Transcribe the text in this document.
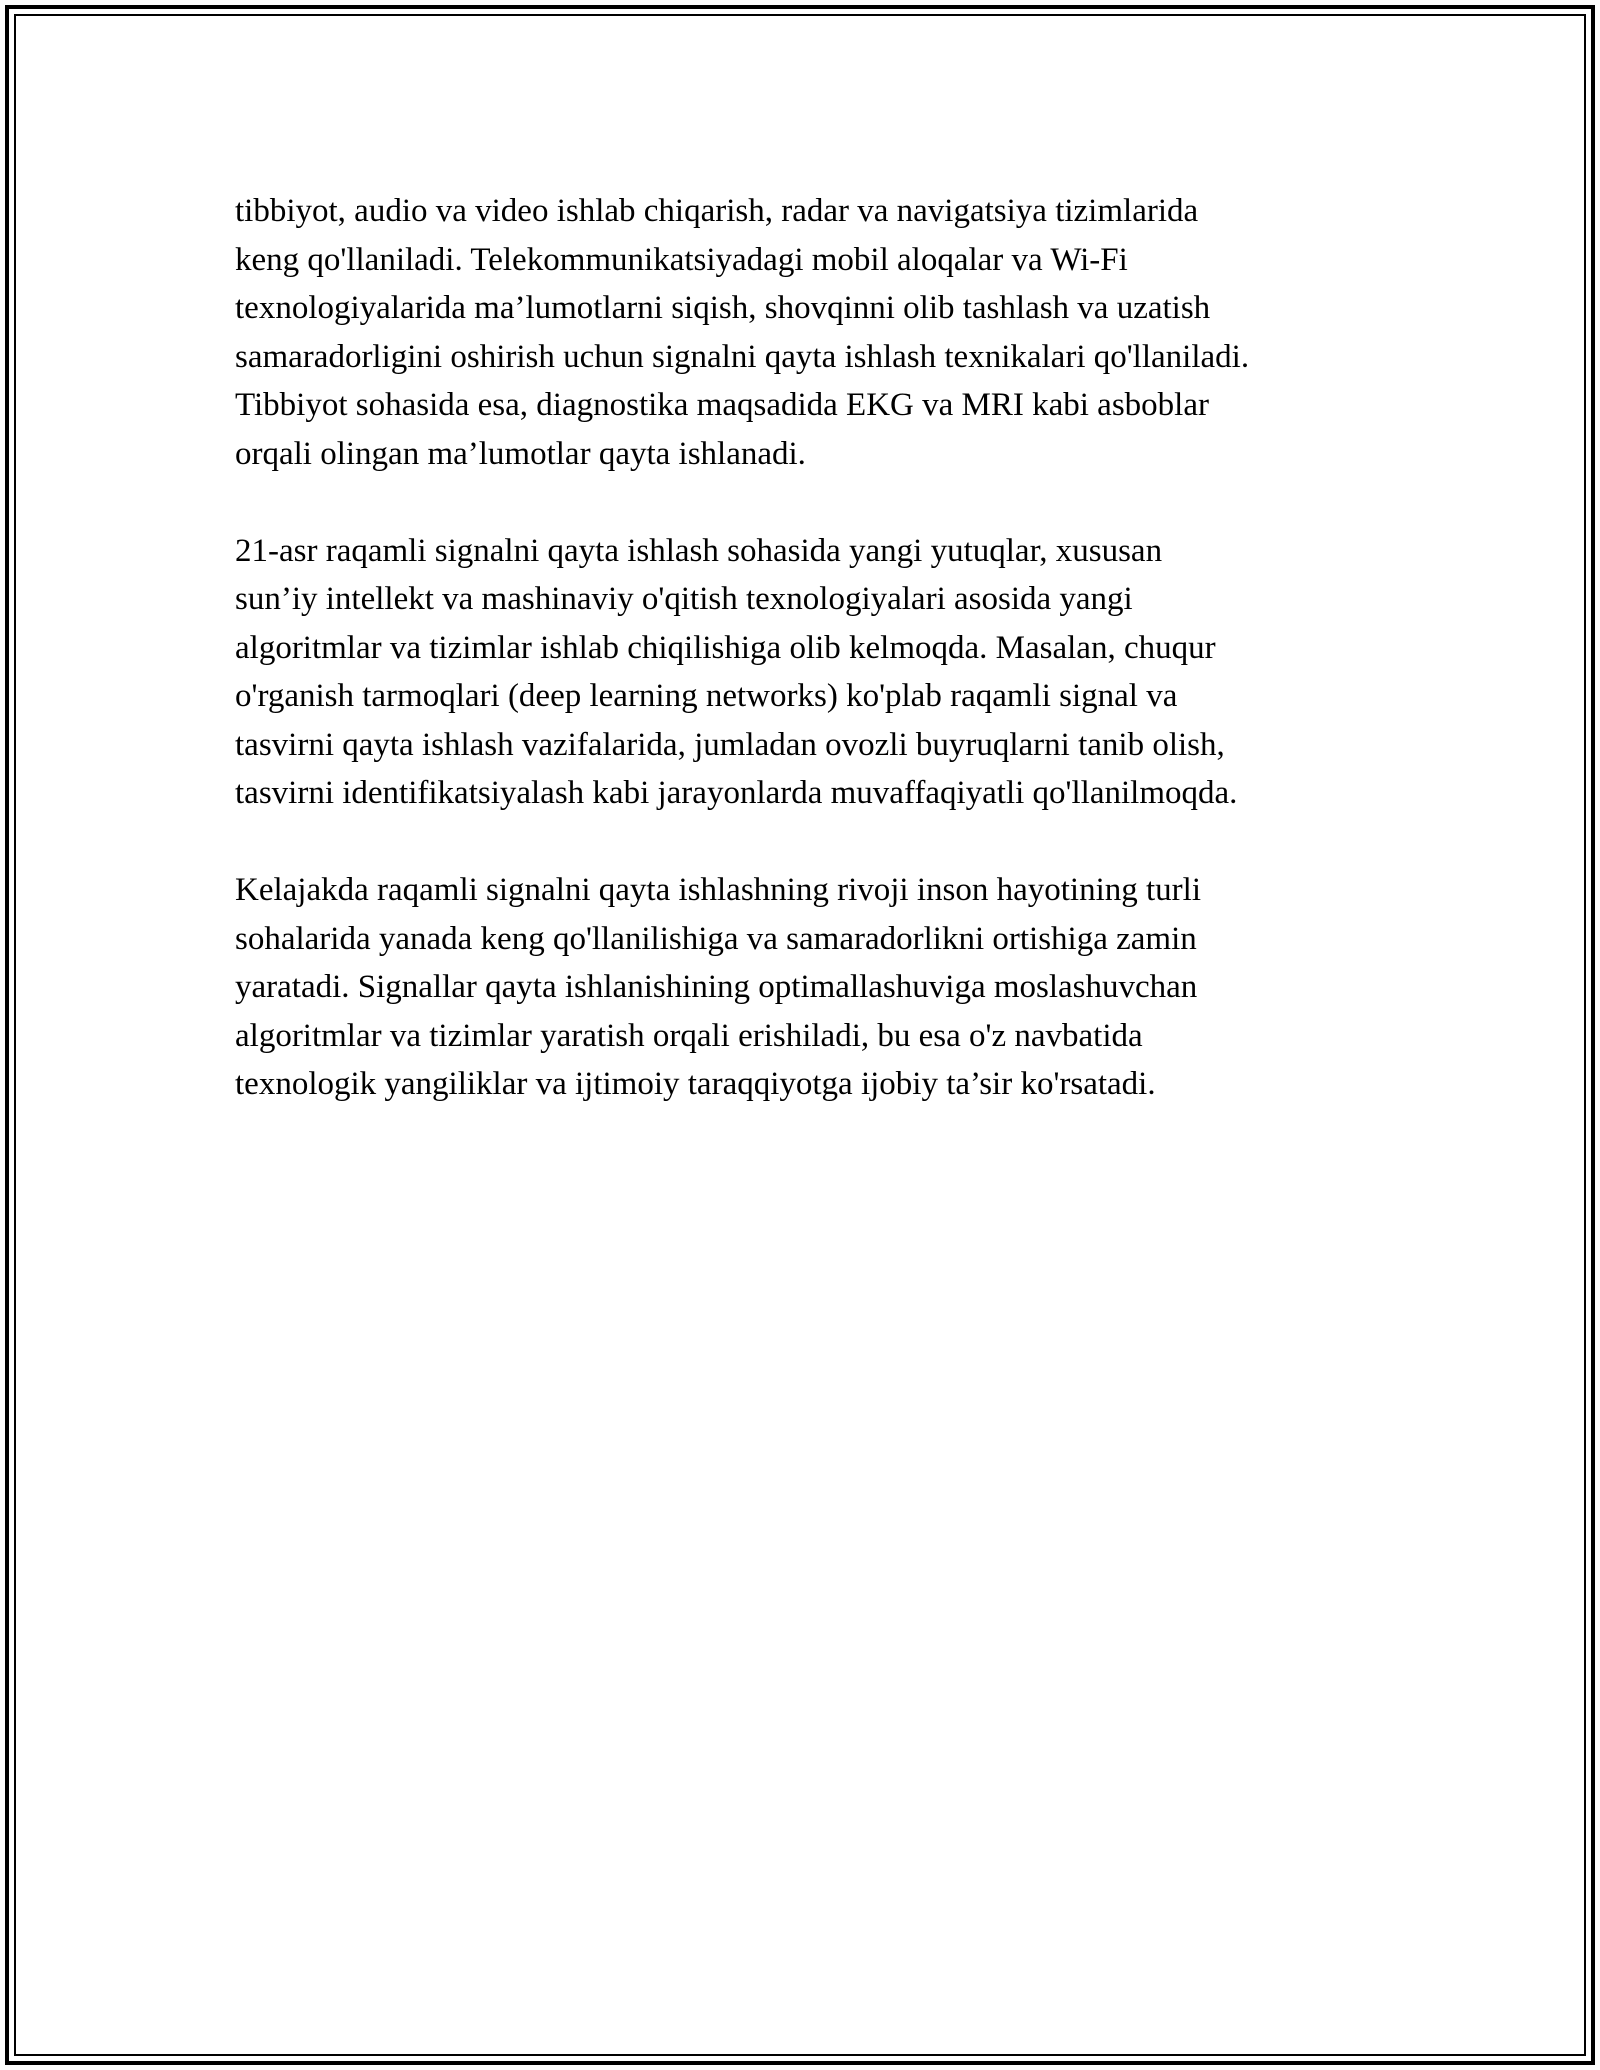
tibbiyot, audio va video ishlab chiqarish, radar va navigatsiya tizimlarida
keng qo'llaniladi. Telekommunikatsiyadagi mobil aloqalar va Wi-Fi
texnologiyalarida ma’lumotlarni siqish, shovqinni olib tashlash va uzatish
samaradorligini oshirish uchun signalni qayta ishlash texnikalari qo'llaniladi.
Tibbiyot sohasida esa, diagnostika maqsadida EKG va MRI kabi asboblar
orqali olingan ma’lumotlar qayta ishlanadi.
21-asr raqamli signalni qayta ishlash sohasida yangi yutuqlar, xususan
sun’iy intellekt va mashinaviy o'qitish texnologiyalari asosida yangi
algoritmlar va tizimlar ishlab chiqilishiga olib kelmoqda. Masalan, chuqur
o'rganish tarmoqlari (deep learning networks) ko'plab raqamli signal va
tasvirni qayta ishlash vazifalarida, jumladan ovozli buyruqlarni tanib olish,
tasvirni identifikatsiyalash kabi jarayonlarda muvaffaqiyatli qo'llanilmoqda.
Kelajakda raqamli signalni qayta ishlashning rivoji inson hayotining turli
sohalarida yanada keng qo'llanilishiga va samaradorlikni ortishiga zamin
yaratadi. Signallar qayta ishlanishining optimallashuviga moslashuvchan
algoritmlar va tizimlar yaratish orqali erishiladi, bu esa o'z navbatida
texnologik yangiliklar va ijtimoiy taraqqiyotga ijobiy ta’sir ko'rsatadi.
